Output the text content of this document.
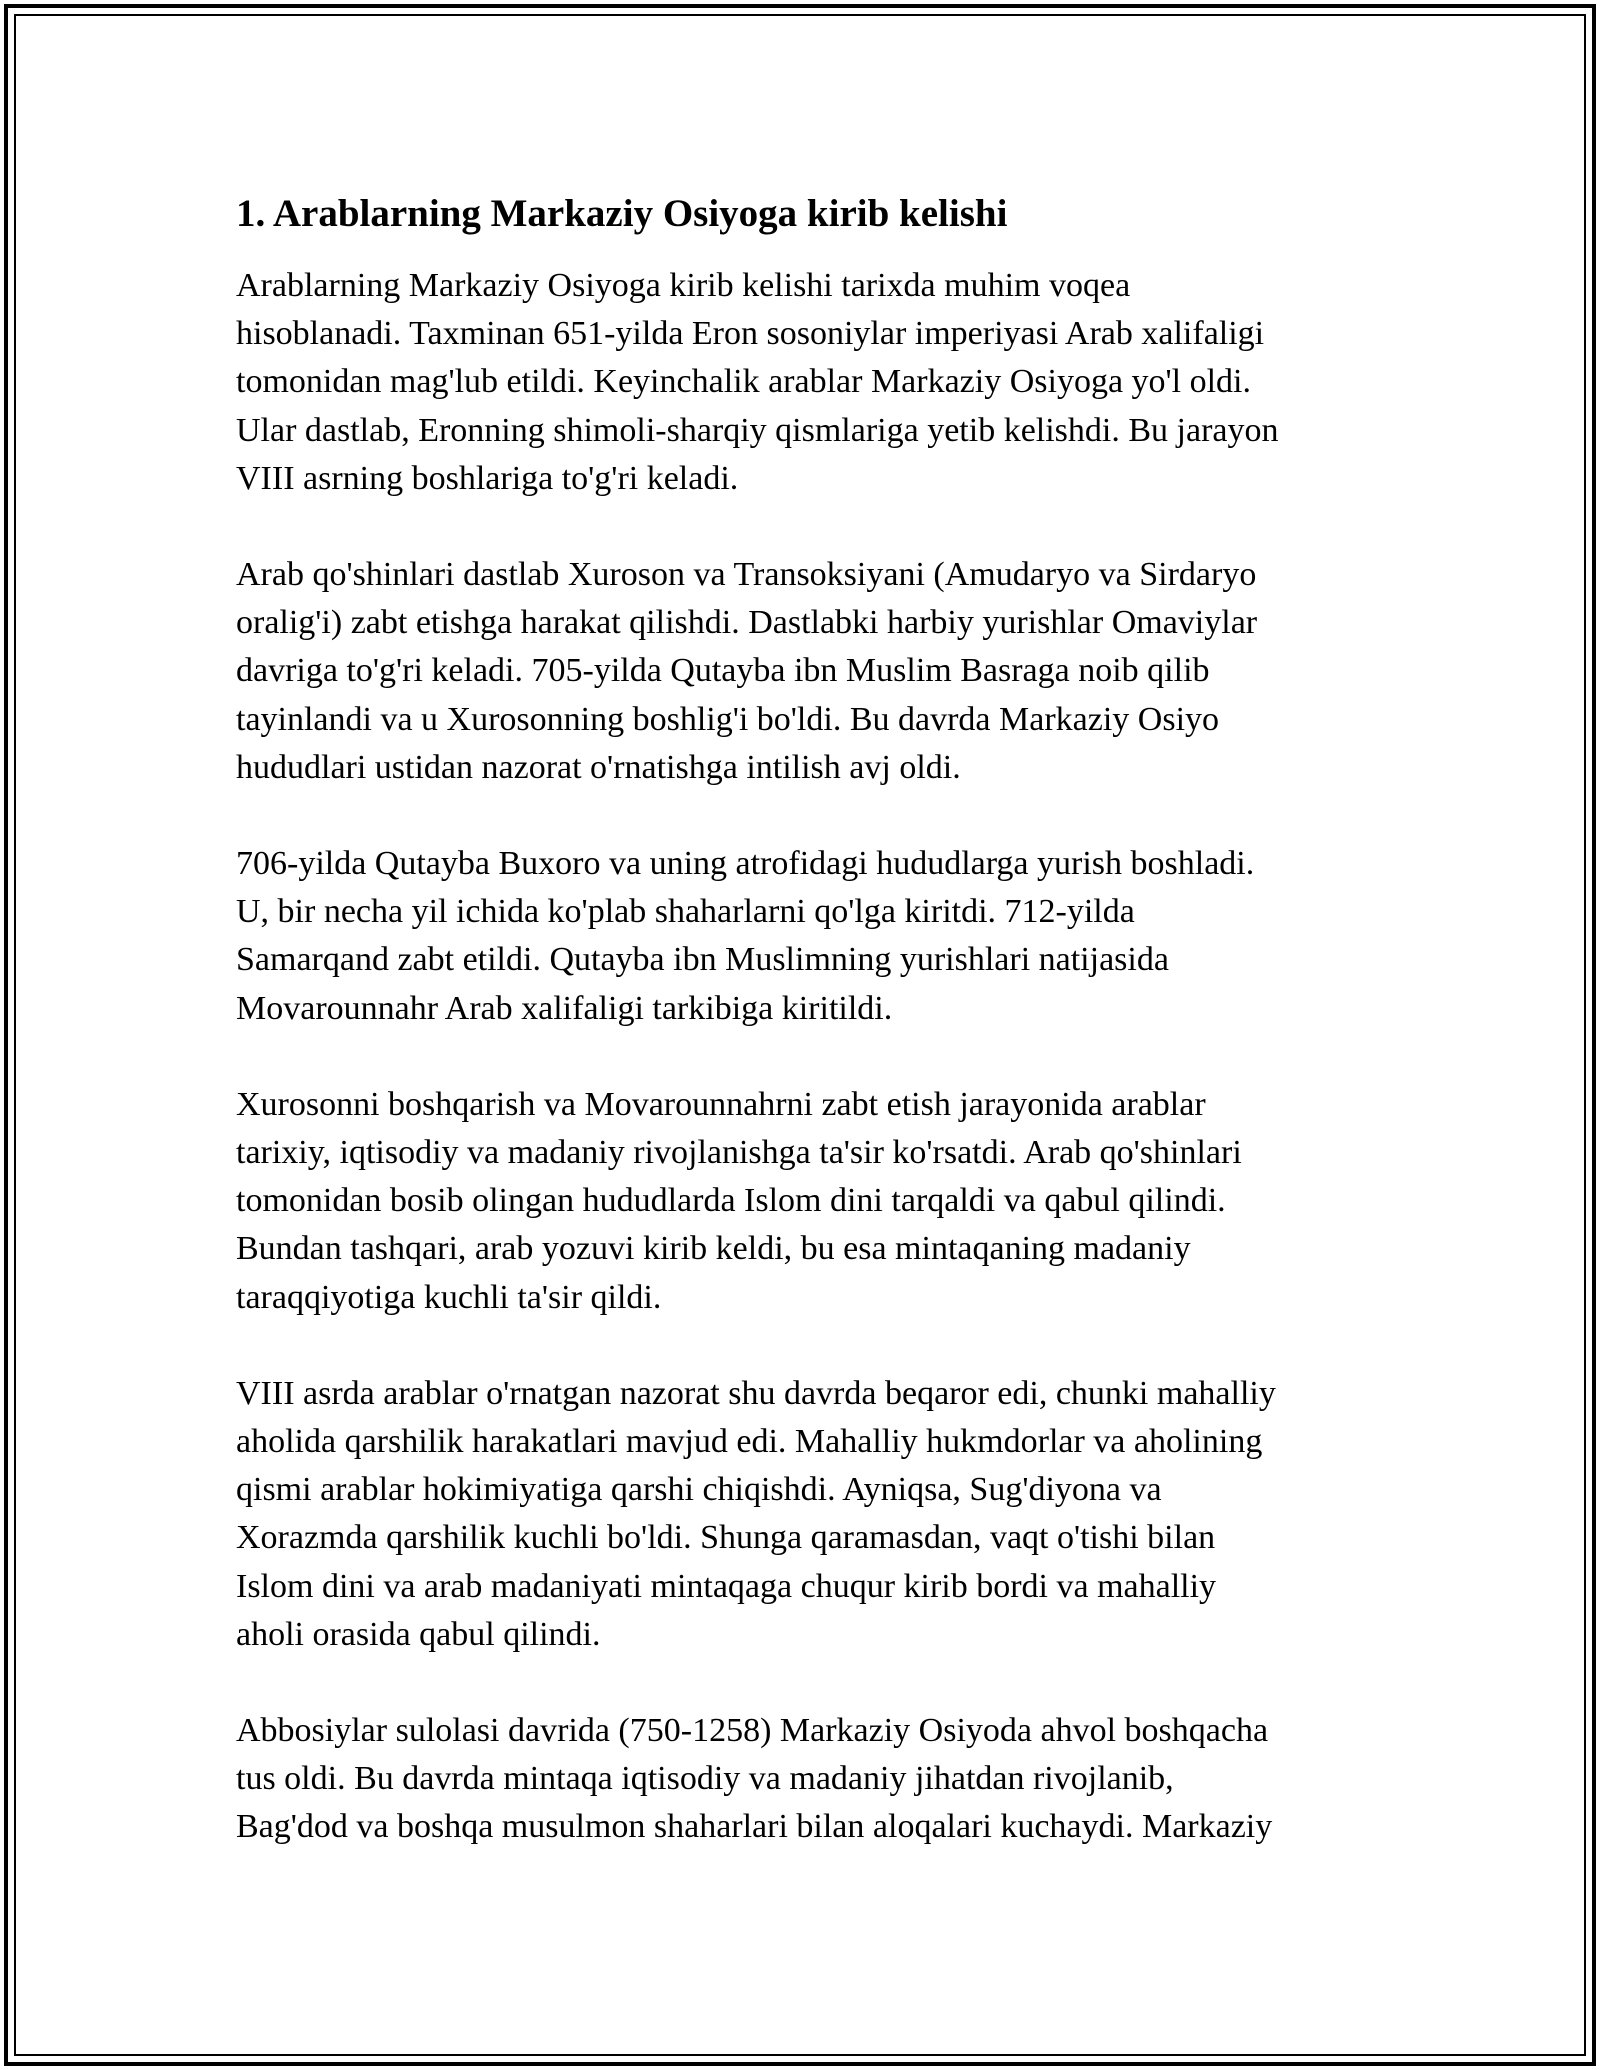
1. Arablarning Markaziy Osiyoga kirib kelishi
Arablarning Markaziy Osiyoga kirib kelishi tarixda muhim voqea
hisoblanadi. Taxminan 651-yilda Eron sosoniylar imperiyasi Arab xalifaligi
tomonidan mag'lub etildi. Keyinchalik arablar Markaziy Osiyoga yo'l oldi.
Ular dastlab, Eronning shimoli-sharqiy qismlariga yetib kelishdi. Bu jarayon
VIII asrning boshlariga to'g'ri keladi.
Arab qo'shinlari dastlab Xuroson va Transoksiyani (Amudaryo va Sirdaryo
oralig'i) zabt etishga harakat qilishdi. Dastlabki harbiy yurishlar Omaviylar
davriga to'g'ri keladi. 705-yilda Qutayba ibn Muslim Basraga noib qilib
tayinlandi va u Xurosonning boshlig'i bo'ldi. Bu davrda Markaziy Osiyo
hududlari ustidan nazorat o'rnatishga intilish avj oldi.
706-yilda Qutayba Buxoro va uning atrofidagi hududlarga yurish boshladi.
U, bir necha yil ichida ko'plab shaharlarni qo'lga kiritdi. 712-yilda
Samarqand zabt etildi. Qutayba ibn Muslimning yurishlari natijasida
Movarounnahr Arab xalifaligi tarkibiga kiritildi.
Xurosonni boshqarish va Movarounnahrni zabt etish jarayonida arablar
tarixiy, iqtisodiy va madaniy rivojlanishga ta'sir ko'rsatdi. Arab qo'shinlari
tomonidan bosib olingan hududlarda Islom dini tarqaldi va qabul qilindi.
Bundan tashqari, arab yozuvi kirib keldi, bu esa mintaqaning madaniy
taraqqiyotiga kuchli ta'sir qildi.
VIII asrda arablar o'rnatgan nazorat shu davrda beqaror edi, chunki mahalliy
aholida qarshilik harakatlari mavjud edi. Mahalliy hukmdorlar va aholining
qismi arablar hokimiyatiga qarshi chiqishdi. Ayniqsa, Sug'diyona va
Xorazmda qarshilik kuchli bo'ldi. Shunga qaramasdan, vaqt o'tishi bilan
Islom dini va arab madaniyati mintaqaga chuqur kirib bordi va mahalliy
aholi orasida qabul qilindi.
Abbosiylar sulolasi davrida (750-1258) Markaziy Osiyoda ahvol boshqacha
tus oldi. Bu davrda mintaqa iqtisodiy va madaniy jihatdan rivojlanib,
Bag'dod va boshqa musulmon shaharlari bilan aloqalari kuchaydi. Markaziy
